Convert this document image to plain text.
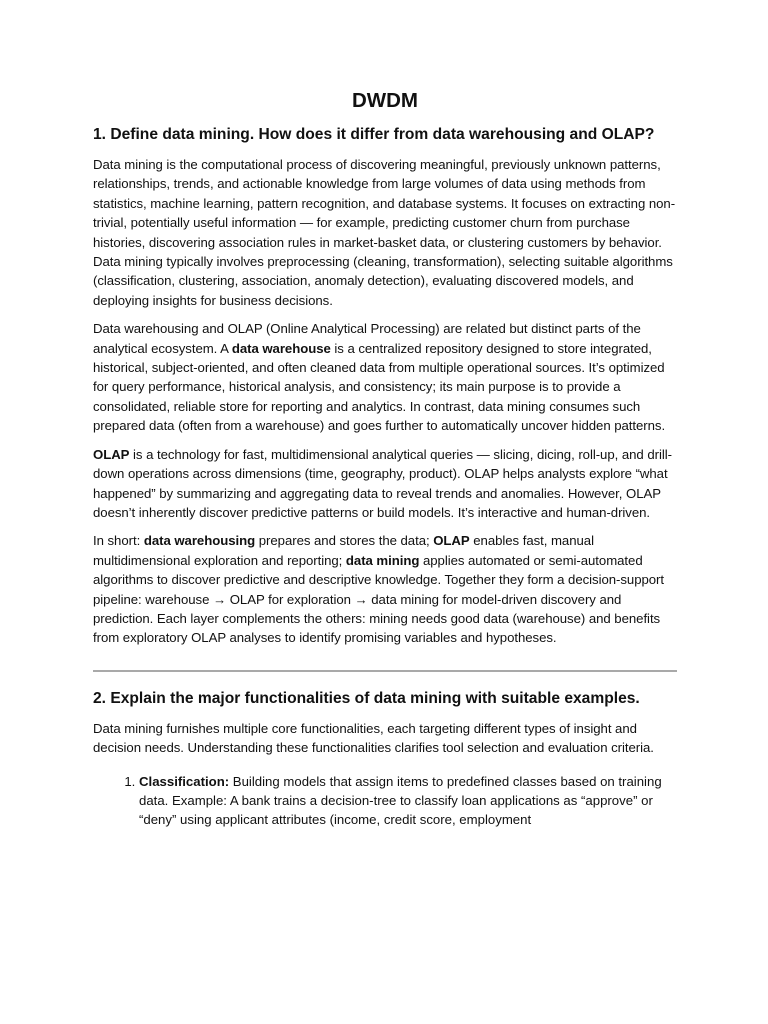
DWDM
1. Define data mining. How does it differ from data warehousing and OLAP?

Data mining is the computational process of discovering meaningful, previously unknown patterns, relationships, trends, and actionable knowledge from large volumes of data using methods from statistics, machine learning, pattern recognition, and database systems. It focuses on extracting non-trivial, potentially useful information — for example, predicting customer churn from purchase histories, discovering association rules in market-basket data, or clustering customers by behavior. Data mining typically involves preprocessing (cleaning, transformation), selecting suitable algorithms (classification, clustering, association, anomaly detection), evaluating discovered models, and deploying insights for business decisions.

Data warehousing and OLAP (Online Analytical Processing) are related but distinct parts of the analytical ecosystem. A data warehouse is a centralized repository designed to store integrated, historical, subject-oriented, and often cleaned data from multiple operational sources. It’s optimized for query performance, historical analysis, and consistency; its main purpose is to provide a consolidated, reliable store for reporting and analytics. In contrast, data mining consumes such prepared data (often from a warehouse) and goes further to automatically uncover hidden patterns.

OLAP is a technology for fast, multidimensional analytical queries — slicing, dicing, roll-up, and drill-down operations across dimensions (time, geography, product). OLAP helps analysts explore “what happened” by summarizing and aggregating data to reveal trends and anomalies. However, OLAP doesn’t inherently discover predictive patterns or build models. It’s interactive and human-driven.

In short: data warehousing prepares and stores the data; OLAP enables fast, manual multidimensional exploration and reporting; data mining applies automated or semi-automated algorithms to discover predictive and descriptive knowledge. Together they form a decision-support pipeline: warehouse → OLAP for exploration → data mining for model-driven discovery and prediction. Each layer complements the others: mining needs good data (warehouse) and benefits from exploratory OLAP analyses to identify promising variables and hypotheses.

2. Explain the major functionalities of data mining with suitable examples.

Data mining furnishes multiple core functionalities, each targeting different types of insight and decision needs. Understanding these functionalities clarifies tool selection and evaluation criteria.

1. Classification: Building models that assign items to predefined classes based on training data. Example: A bank trains a decision-tree to classify loan applications as “approve” or “deny” using applicant attributes (income, credit score, employment
